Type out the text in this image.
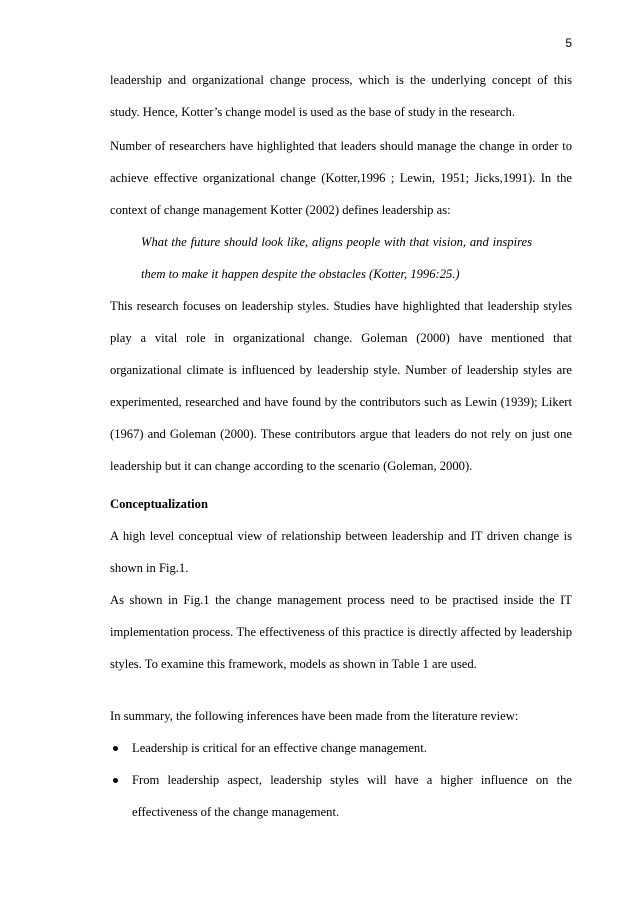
5

leadership and organizational change process, which is the underlying concept of this study. Hence, Kotter’s change model is used as the base of study in the research.

Number of researchers have highlighted that leaders should manage the change in order to achieve effective organizational change (Kotter,1996 ; Lewin, 1951; Jicks,1991). In the context of change management Kotter (2002) defines leadership as:

What the future should look like, aligns people with that vision, and inspires them to make it happen despite the obstacles (Kotter, 1996:25.)

This research focuses on leadership styles. Studies have highlighted that leadership styles play a vital role in organizational change. Goleman (2000) have mentioned that organizational climate is influenced by leadership style. Number of leadership styles are experimented, researched and have found by the contributors such as Lewin (1939); Likert (1967) and Goleman (2000). These contributors argue that leaders do not rely on just one leadership but it can change according to the scenario (Goleman, 2000).

Conceptualization

A high level conceptual view of relationship between leadership and IT driven change is shown in Fig.1.

As shown in Fig.1 the change management process need to be practised inside the IT implementation process. The effectiveness of this practice is directly affected by leadership styles. To examine this framework, models as shown in Table 1 are used.

In summary, the following inferences have been made from the literature review:

Leadership is critical for an effective change management.
From leadership aspect, leadership styles will have a higher influence on the effectiveness of the change management.
